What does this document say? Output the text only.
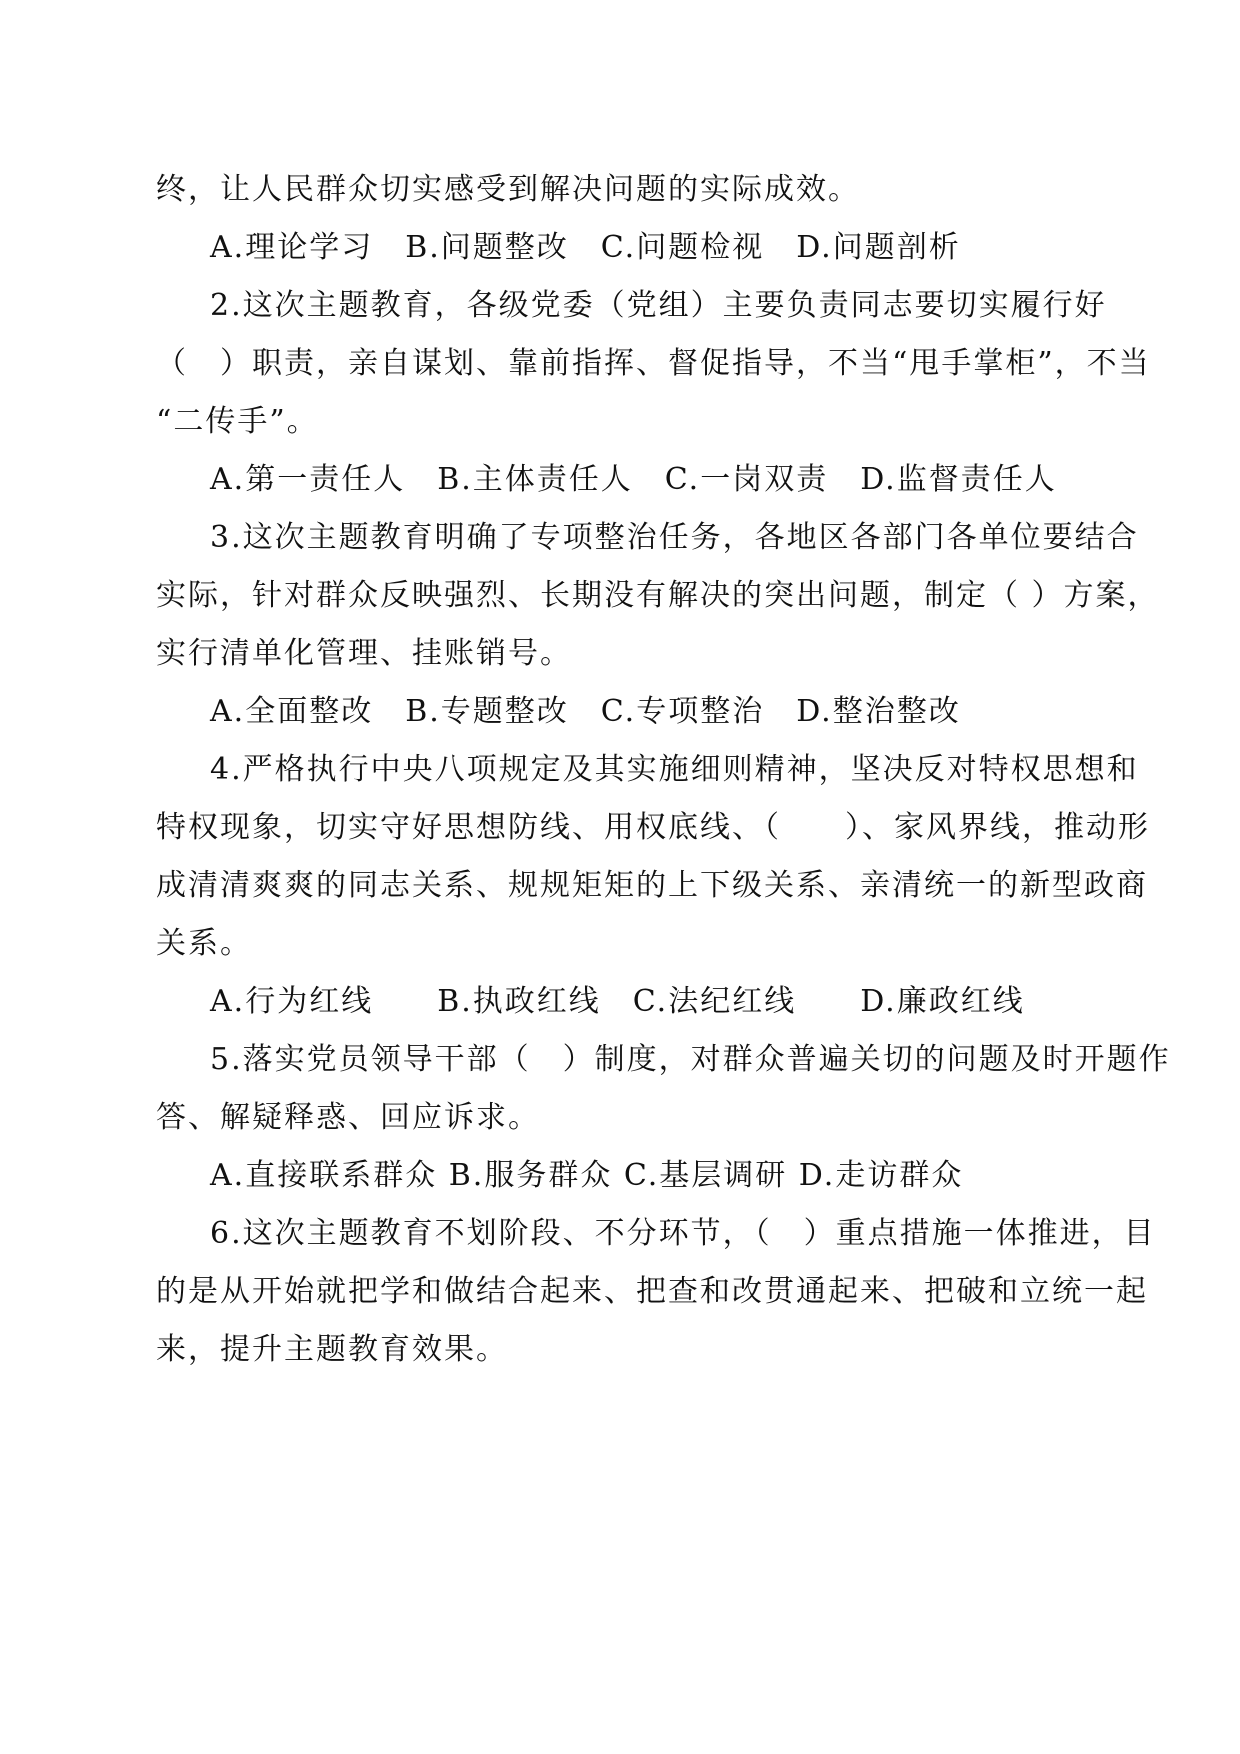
终，让人民群众切实感受到解决问题的实际成效。
A.理论学习　B.问题整改　C.问题检视　D.问题剖析
2.这次主题教育，各级党委（党组）主要负责同志要切实履行好
（　）职责，亲自谋划、靠前指挥、督促指导，不当“甩手掌柜”，不当
“二传手”。
A.第一责任人　B.主体责任人　C.一岗双责　D.监督责任人
3.这次主题教育明确了专项整治任务，各地区各部门各单位要结合
实际，针对群众反映强烈、长期没有解决的突出问题，制定（ ）方案，
实行清单化管理、挂账销号。
A.全面整改　B.专题整改　C.专项整治　D.整治整改
4.严格执行中央八项规定及其实施细则精神，坚决反对特权思想和
特权现象，切实守好思想防线、用权底线、（　　）、家风界线，推动形
成清清爽爽的同志关系、规规矩矩的上下级关系、亲清统一的新型政商
关系。
A.行为红线　　B.执政红线　C.法纪红线　　D.廉政红线
5.落实党员领导干部（　）制度，对群众普遍关切的问题及时开题作
答、解疑释惑、回应诉求。
A.直接联系群众 B.服务群众 C.基层调研 D.走访群众
6.这次主题教育不划阶段、不分环节，（　）重点措施一体推进，目
的是从开始就把学和做结合起来、把查和改贯通起来、把破和立统一起
来，提升主题教育效果。
